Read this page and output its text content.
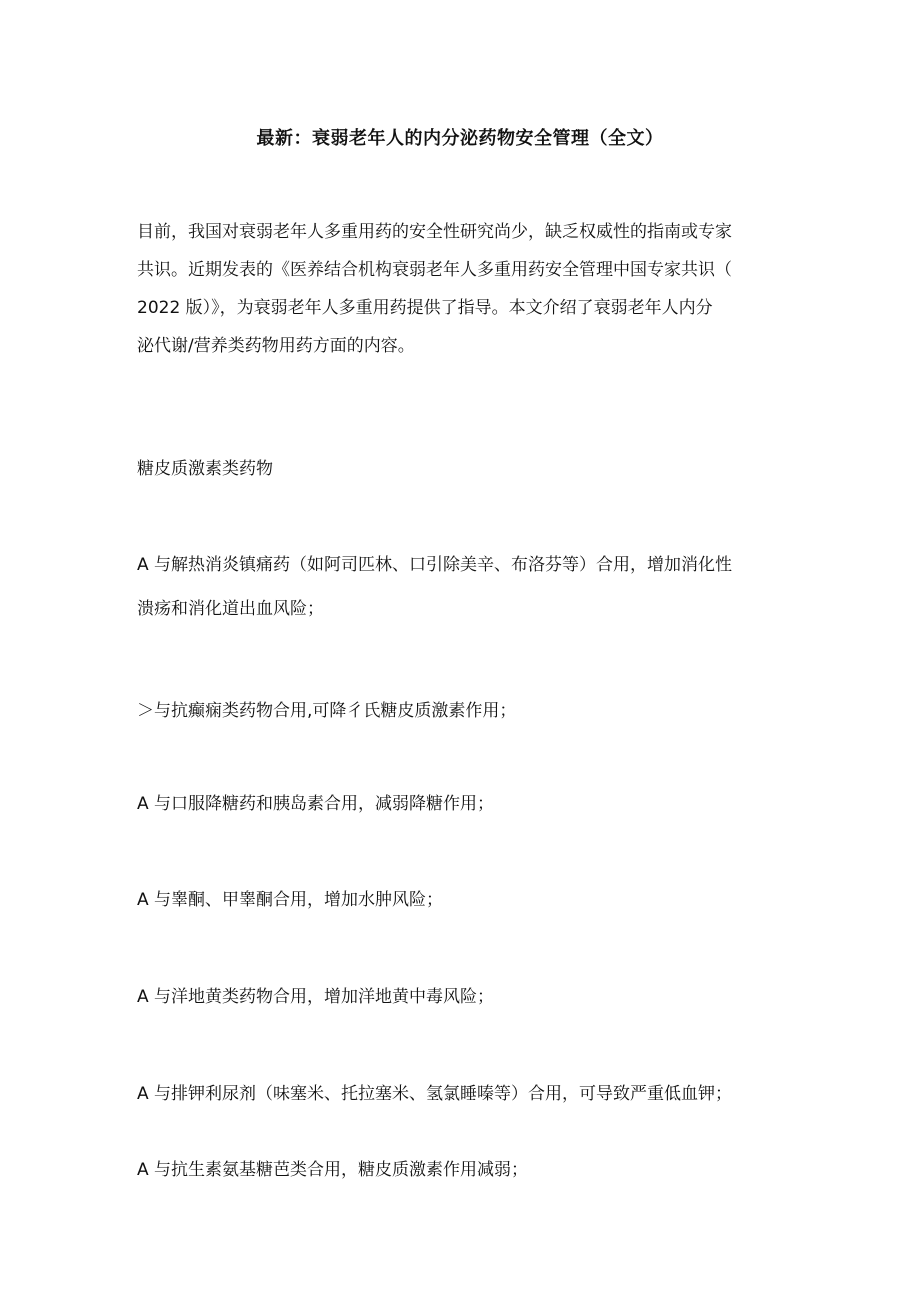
最新：衰弱老年人的内分泌药物安全管理（全文）

目前，我国对衰弱老年人多重用药的安全性研究尚少，缺乏权威性的指南或专家
共识。近期发表的《医养结合机构衰弱老年人多重用药安全管理中国专家共识（
2022 版）》，为衰弱老年人多重用药提供了指导。本文介绍了衰弱老年人内分
泌代谢/营养类药物用药方面的内容。

糖皮质激素类药物

A 与解热消炎镇痛药（如阿司匹林、口引除美辛、布洛芬等）合用，增加消化性
溃疡和消化道出血风险；

＞与抗癫痫类药物合用,可降彳氏糖皮质激素作用；

A 与口服降糖药和胰岛素合用，减弱降糖作用；

A 与睾酮、甲睾酮合用，增加水肿风险；

A 与洋地黄类药物合用，增加洋地黄中毒风险；

A 与排钾利尿剂（味塞米、托拉塞米、氢氯睡嗪等）合用，可导致严重低血钾；

A 与抗生素氨基糖芭类合用，糖皮质激素作用减弱；
